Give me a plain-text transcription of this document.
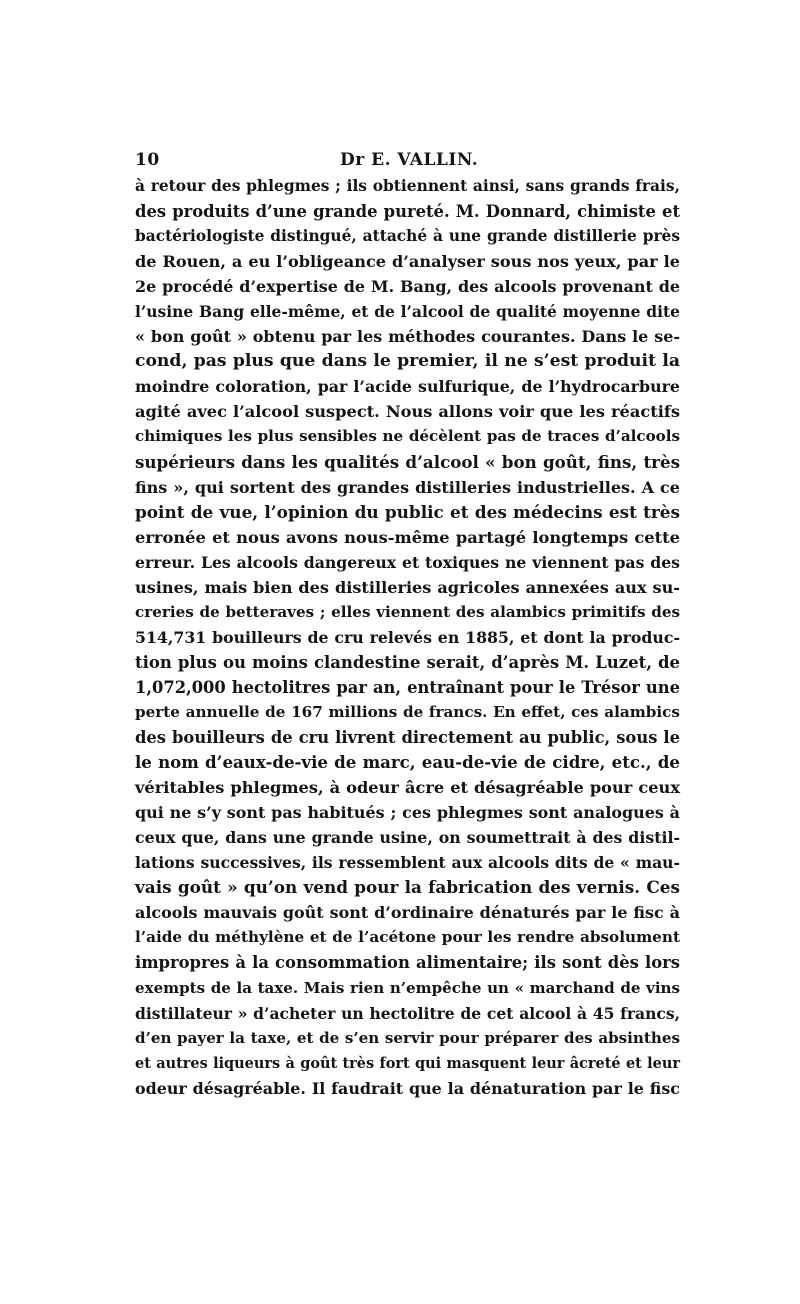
10	Dr E. VALLIN.
à retour des phlegmes ; ils obtiennent ainsi, sans grands frais,
des produits d’une grande pureté. M. Donnard, chimiste et
bactériologiste distingué, attaché à une grande distillerie près
de Rouen, a eu l’obligeance d’analyser sous nos yeux, par le
2e procédé d’expertise de M. Bang, des alcools provenant de
l’usine Bang elle-même, et de l’alcool de qualité moyenne dite
« bon goût » obtenu par les méthodes courantes. Dans le se-
cond, pas plus que dans le premier, il ne s’est produit la
moindre coloration, par l’acide sulfurique, de l’hydrocarbure
agité avec l’alcool suspect. Nous allons voir que les réactifs
chimiques les plus sensibles ne décèlent pas de traces d’alcools
supérieurs dans les qualités d’alcool « bon goût, fins, très
fins », qui sortent des grandes distilleries industrielles. A ce
point de vue, l’opinion du public et des médecins est très
erronée et nous avons nous-même partagé longtemps cette
erreur. Les alcools dangereux et toxiques ne viennent pas des
usines, mais bien des distilleries agricoles annexées aux su-
creries de betteraves ; elles viennent des alambics primitifs des
514,731 bouilleurs de cru relevés en 1885, et dont la produc-
tion plus ou moins clandestine serait, d’après M. Luzet, de
1,072,000 hectolitres par an, entraînant pour le Trésor une
perte annuelle de 167 millions de francs. En effet, ces alambics
des bouilleurs de cru livrent directement au public, sous le
le nom d’eaux-de-vie de marc, eau-de-vie de cidre, etc., de
véritables phlegmes, à odeur âcre et désagréable pour ceux
qui ne s’y sont pas habitués ; ces phlegmes sont analogues à
ceux que, dans une grande usine, on soumettrait à des distil-
lations successives, ils ressemblent aux alcools dits de « mau-
vais goût » qu’on vend pour la fabrication des vernis. Ces
alcools mauvais goût sont d’ordinaire dénaturés par le fisc à
l’aide du méthylène et de l’acétone pour les rendre absolument
impropres à la consommation alimentaire; ils sont dès lors
exempts de la taxe. Mais rien n’empêche un « marchand de vins
distillateur » d’acheter un hectolitre de cet alcool à 45 francs,
d’en payer la taxe, et de s’en servir pour préparer des absinthes
et autres liqueurs à goût très fort qui masquent leur âcreté et leur
odeur désagréable. Il faudrait que la dénaturation par le fisc
